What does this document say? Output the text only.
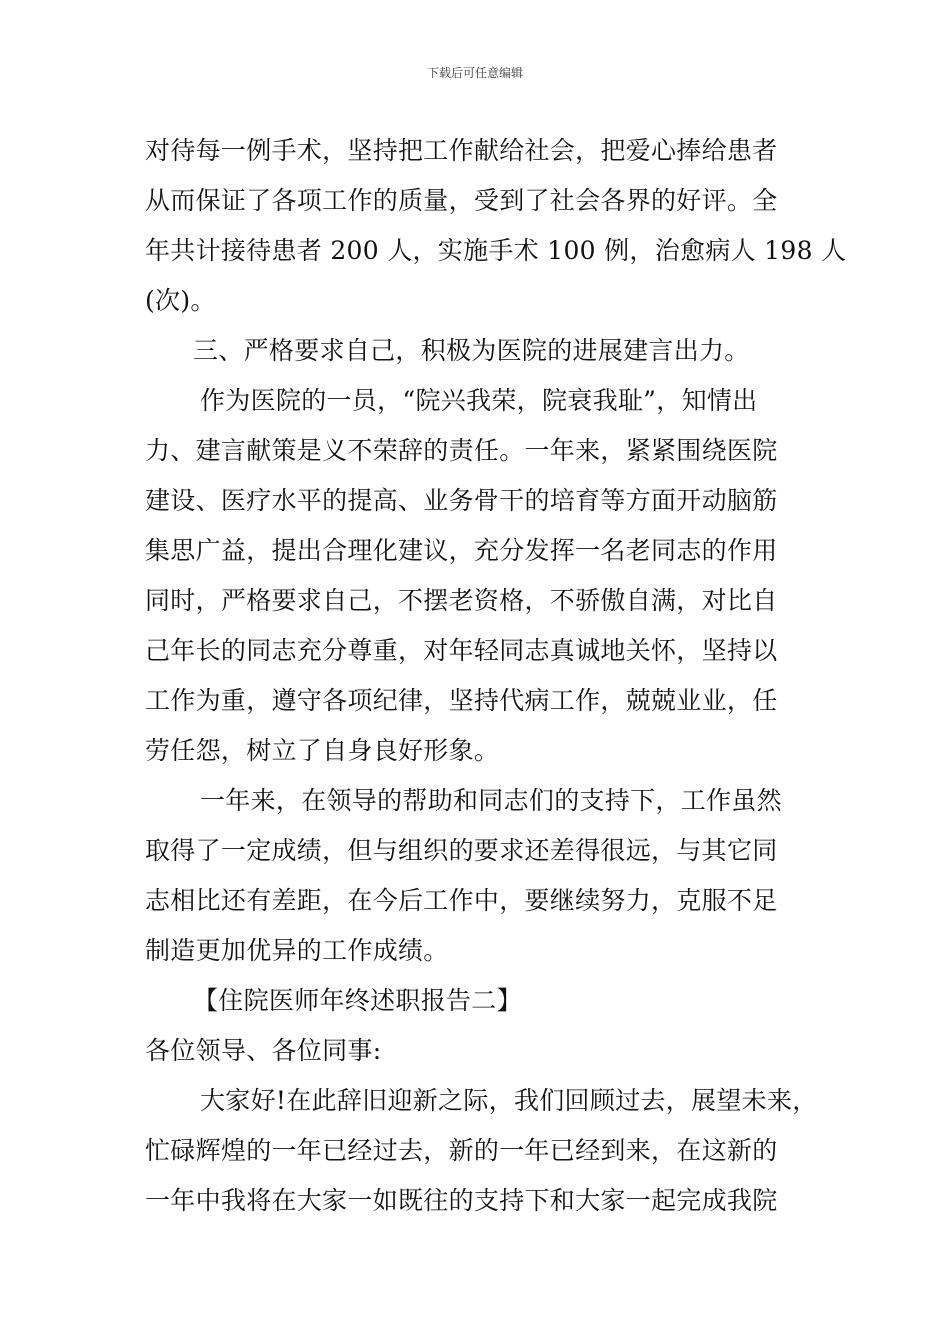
下载后可任意编辑
对待每一例手术，坚持把工作献给社会，把爱心捧给患者
从而保证了各项工作的质量，受到了社会各界的好评。全
年共计接待患者 200 人，实施手术 100 例，治愈病人 198 人
(次)。
三、严格要求自己，积极为医院的进展建言出力。
作为医院的一员，“院兴我荣，院衰我耻”，知情出
力、建言献策是义不荣辞的责任。一年来，紧紧围绕医院
建设、医疗水平的提高、业务骨干的培育等方面开动脑筋
集思广益，提出合理化建议，充分发挥一名老同志的作用
同时，严格要求自己，不摆老资格，不骄傲自满，对比自
己年长的同志充分尊重，对年轻同志真诚地关怀，坚持以
工作为重，遵守各项纪律，坚持代病工作，兢兢业业，任
劳任怨，树立了自身良好形象。
一年来，在领导的帮助和同志们的支持下，工作虽然
取得了一定成绩，但与组织的要求还差得很远，与其它同
志相比还有差距，在今后工作中，要继续努力，克服不足
制造更加优异的工作成绩。
【住院医师年终述职报告二】
各位领导、各位同事:
大家好!在此辞旧迎新之际，我们回顾过去，展望未来，
忙碌辉煌的一年已经过去，新的一年已经到来，在这新的
一年中我将在大家一如既往的支持下和大家一起完成我院
